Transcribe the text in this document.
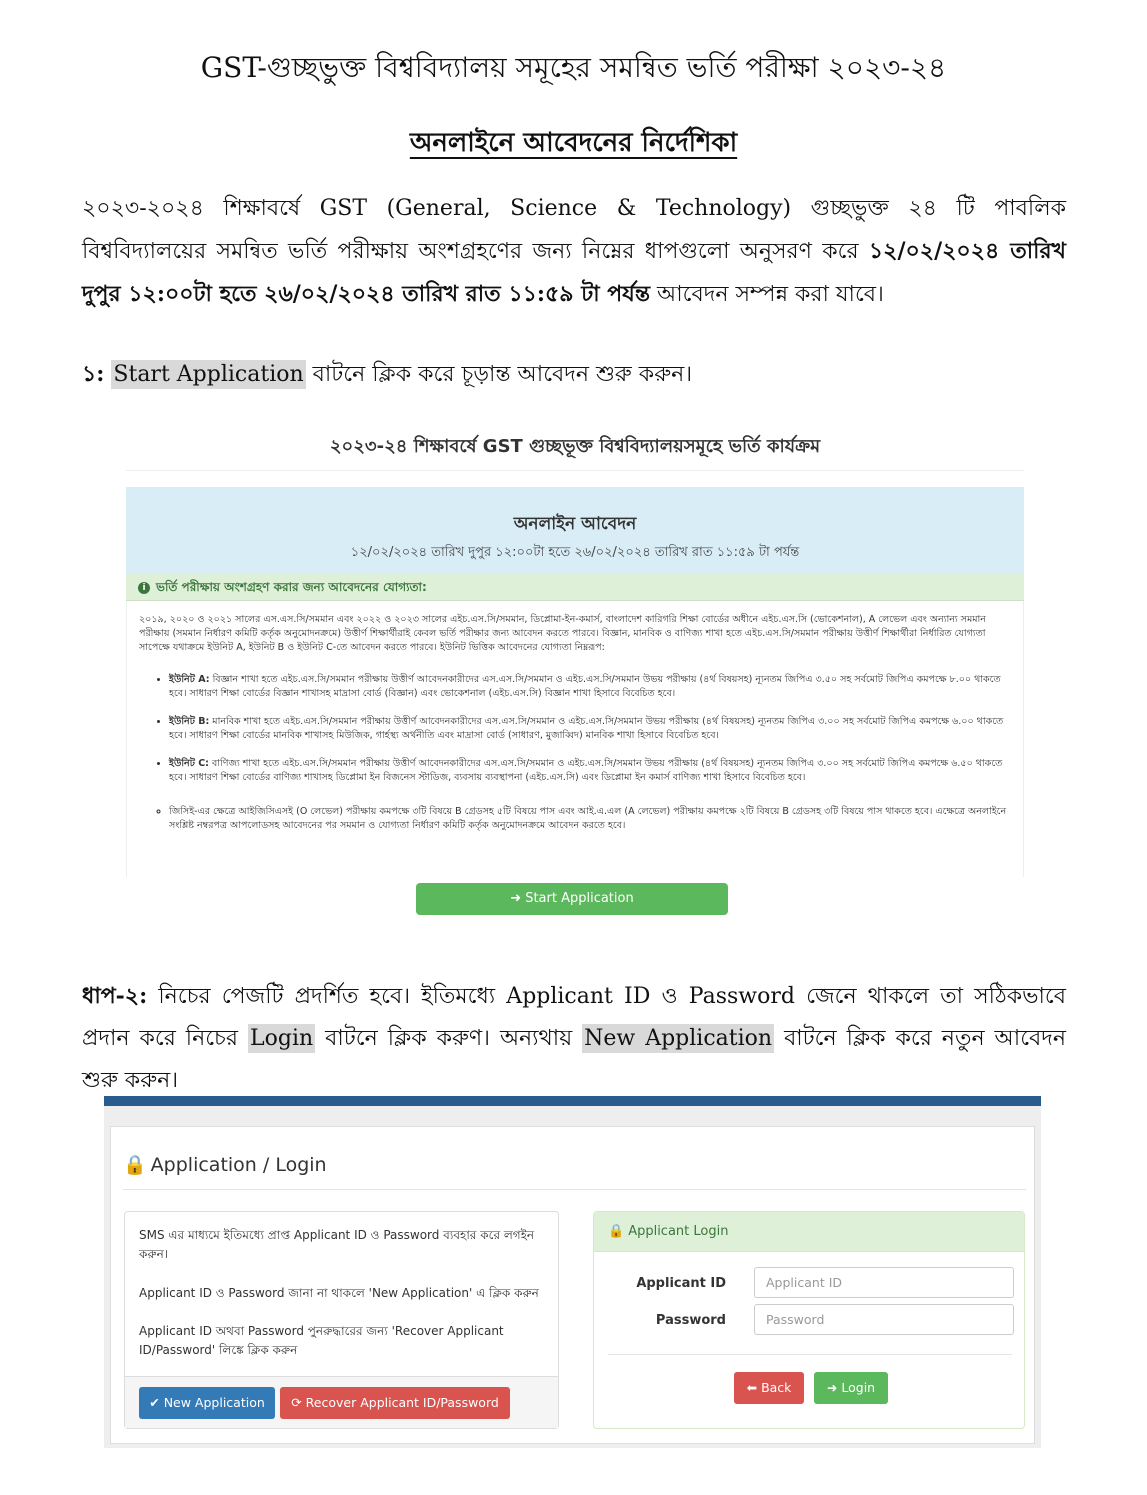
GST-গুচ্ছভুক্ত বিশ্ববিদ্যালয় সমূহের সমন্বিত ভর্তি পরীক্ষা ২০২৩-২৪
অনলাইনে আবেদনের নির্দেশিকা
২০২৩-২০২৪ শিক্ষাবর্ষে GST (General, Science & Technology) গুচ্ছভুক্ত ২৪ টি পাবলিক বিশ্ববিদ্যালয়ের সমন্বিত ভর্তি পরীক্ষায় অংশগ্রহণের জন্য নিম্নের ধাপগুলো অনুসরণ করে ১২/০২/২০২৪ তারিখ দুপুর ১২:০০টা হতে ২৬/০২/২০২৪ তারিখ রাত ১১:৫৯ টা পর্যন্ত আবেদন সম্পন্ন করা যাবে।
১: Start Application বাটনে ক্লিক করে চূড়ান্ত আবেদন শুরু করুন।
২০২৩-২৪ শিক্ষাবর্ষে GST গুচ্ছভূক্ত বিশ্ববিদ্যালয়সমূহে ভর্তি কার্যক্রম
অনলাইন আবেদন
১২/০২/২০২৪ তারিখ দুপুর ১২:০০টা হতে ২৬/০২/২০২৪ তারিখ রাত ১১:৫৯ টা পর্যন্ত
i ভর্তি পরীক্ষায় অংশগ্রহণ করার জন্য আবেদনের যোগ্যতা:
২০১৯, ২০২০ ও ২০২১ সালের এস.এস.সি/সমমান এবং ২০২২ ও ২০২৩ সালের এইচ.এস.সি/সমমান, ডিপ্লোমা-ইন-কমার্স, বাংলাদেশ কারিগরি শিক্ষা বোর্ডের অধীনে এইচ.এস.সি (ভোকেশনাল), A লেভেল এবং অন্যান্য সমমান পরীক্ষায় (সমমান নির্ধারণ কমিটি কর্তৃক অনুমোদনক্রমে) উত্তীর্ণ শিক্ষার্থীরাই কেবল ভর্তি পরীক্ষার জন্য আবেদন করতে পারবে। বিজ্ঞান, মানবিক ও বাণিজ্য শাখা হতে এইচ.এস.সি/সমমান পরীক্ষায় উত্তীর্ণ শিক্ষার্থীরা নির্ধারিত যোগ্যতা সাপেক্ষে যথাক্রমে ইউনিট A, ইউনিট B ও ইউনিট C-তে আবেদন করতে পারবে। ইউনিট ভিত্তিক আবেদনের যোগ্যতা নিম্নরূপ:
• ইউনিট A: বিজ্ঞান শাখা হতে এইচ.এস.সি/সমমান পরীক্ষায় উত্তীর্ণ আবেদনকারীদের এস.এস.সি/সমমান ও এইচ.এস.সি/সমমান উভয় পরীক্ষায় (৪র্থ বিষয়সহ) ন্যূনতম জিপিএ ৩.৫০ সহ সর্বমোট জিপিএ কমপক্ষে ৮.০০ থাকতে হবে। সাধারণ শিক্ষা বোর্ডের বিজ্ঞান শাখাসহ মাদ্রাসা বোর্ড (বিজ্ঞান) এবং ভোকেশনাল (এইচ.এস.সি) বিজ্ঞান শাখা হিসাবে বিবেচিত হবে।
• ইউনিট B: মানবিক শাখা হতে এইচ.এস.সি/সমমান পরীক্ষায় উত্তীর্ণ আবেদনকারীদের এস.এস.সি/সমমান ও এইচ.এস.সি/সমমান উভয় পরীক্ষায় (৪র্থ বিষয়সহ) ন্যূনতম জিপিএ ৩.০০ সহ সর্বমোট জিপিএ কমপক্ষে ৬.০০ থাকতে হবে। সাধারণ শিক্ষা বোর্ডের মানবিক শাখাসহ মিউজিক, গার্হস্থ্য অর্থনীতি এবং মাদ্রাসা বোর্ড (সাধারণ, মুজাব্বিদ) মানবিক শাখা হিসাবে বিবেচিত হবে।
• ইউনিট C: বাণিজ্য শাখা হতে এইচ.এস.সি/সমমান পরীক্ষায় উত্তীর্ণ আবেদনকারীদের এস.এস.সি/সমমান ও এইচ.এস.সি/সমমান উভয় পরীক্ষায় (৪র্থ বিষয়সহ) ন্যূনতম জিপিএ ৩.০০ সহ সর্বমোট জিপিএ কমপক্ষে ৬.৫০ থাকতে হবে। সাধারণ শিক্ষা বোর্ডের বাণিজ্য শাখাসহ ডিপ্লোমা ইন বিজনেস স্টাডিজ, ব্যবসায় ব্যবস্থাপনা (এইচ.এস.সি) এবং ডিপ্লোমা ইন কমার্স বাণিজ্য শাখা হিসাবে বিবেচিত হবে।
◦ জিসিই-এর ক্ষেত্রে আইজিসিএসই (O লেভেল) পরীক্ষায় কমপক্ষে ৩টি বিষয়ে B গ্রেডসহ ৫টি বিষয়ে পাস এবং আই.এ.এল (A লেভেল) পরীক্ষায় কমপক্ষে ২টি বিষয়ে B গ্রেডসহ ৩টি বিষয়ে পাস থাকতে হবে। এক্ষেত্রে অনলাইনে সংশ্লিষ্ট নম্বরপত্র আপলোডসহ আবেদনের পর সমমান ও যোগ্যতা নির্ধারণ কমিটি কর্তৃক অনুমোদনক্রমে আবেদন করতে হবে।
➜ Start Application
ধাপ-২: নিচের পেজটি প্রদর্শিত হবে। ইতিমধ্যে Applicant ID ও Password জেনে থাকলে তা সঠিকভাবে প্রদান করে নিচের Login বাটনে ক্লিক করুণ। অন্যথায় New Application বাটনে ক্লিক করে নতুন আবেদন শুরু করুন।
🔒 Application / Login

SMS এর মাধ্যমে ইতিমধ্যে প্রাপ্ত Applicant ID ও Password ব্যবহার করে লগইন করুন।

Applicant ID ও Password জানা না থাকলে 'New Application' এ ক্লিক করুন

Applicant ID অথবা Password পুনরুদ্ধারের জন্য 'Recover Applicant ID/Password' লিঙ্কে ক্লিক করুন

✔ New Application	⟳ Recover Applicant ID/Password
🔒 Applicant Login
Applicant ID
Applicant ID
Password
⬅ Back	➜ Login
